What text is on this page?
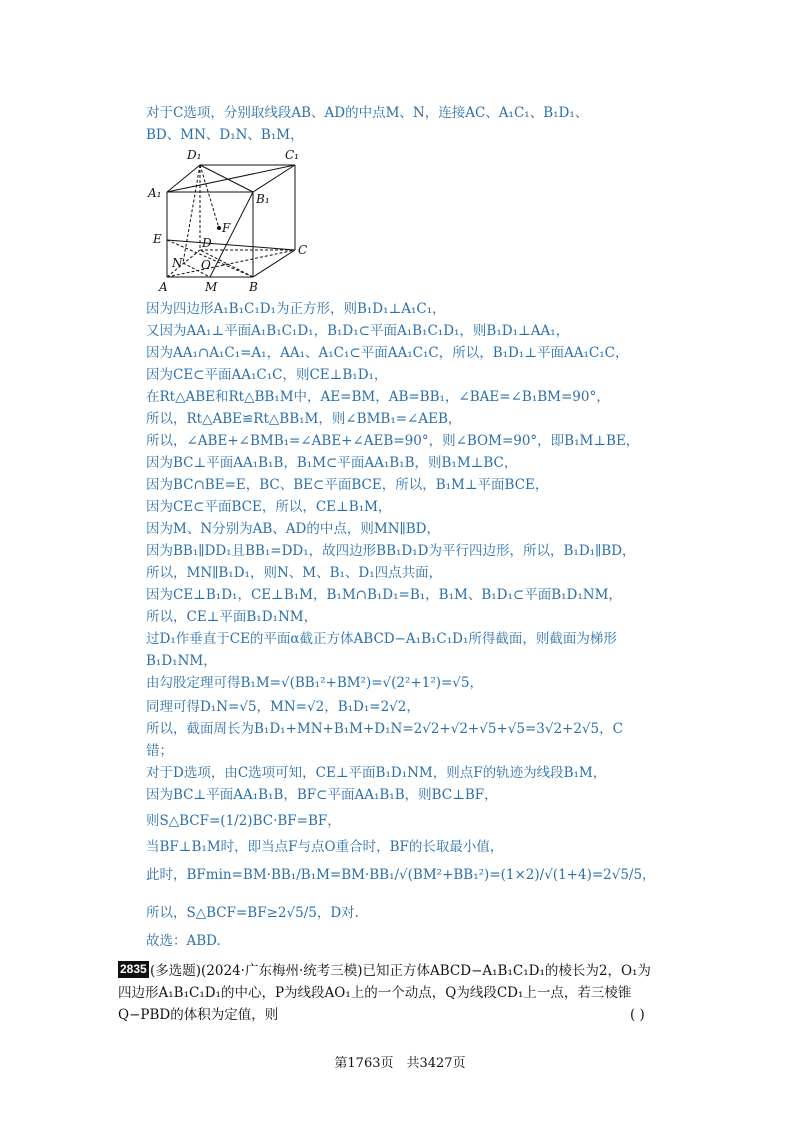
对于C选项，分别取线段AB、AD的中点M、N，连接AC、A₁C₁、B₁D₁、
BD、MN、D₁N、B₁M，
因为四边形A₁B₁C₁D₁为正方形，则B₁D₁⊥A₁C₁，
又因为AA₁⊥平面A₁B₁C₁D₁，B₁D₁⊂平面A₁B₁C₁D₁，则B₁D₁⊥AA₁，
因为AA₁∩A₁C₁=A₁，AA₁、A₁C₁⊂平面AA₁C₁C，所以，B₁D₁⊥平面AA₁C₁C，
因为CE⊂平面AA₁C₁C，则CE⊥B₁D₁，
在Rt△ABE和Rt△BB₁M中，AE=BM，AB=BB₁，∠BAE=∠B₁BM=90°，
所以，Rt△ABE≌Rt△BB₁M，则∠BMB₁=∠AEB，
所以，∠ABE+∠BMB₁=∠ABE+∠AEB=90°，则∠BOM=90°，即B₁M⊥BE，
因为BC⊥平面AA₁B₁B，B₁M⊂平面AA₁B₁B，则B₁M⊥BC，
因为BC∩BE=E，BC、BE⊂平面BCE，所以，B₁M⊥平面BCE，
因为CE⊂平面BCE，所以，CE⊥B₁M，
因为M、N分别为AB、AD的中点，则MN∥BD，
因为BB₁∥DD₁且BB₁=DD₁，故四边形BB₁D₁D为平行四边形，所以，B₁D₁∥BD，
所以，MN∥B₁D₁，则N、M、B₁、D₁四点共面，
因为CE⊥B₁D₁，CE⊥B₁M，B₁M∩B₁D₁=B₁，B₁M、B₁D₁⊂平面B₁D₁NM，
所以，CE⊥平面B₁D₁NM，
过D₁作垂直于CE的平面α截正方体ABCD−A₁B₁C₁D₁所得截面，则截面为梯形
B₁D₁NM，
由勾股定理可得B₁M=√(BB₁²+BM²)=√(2²+1²)=√5，
同理可得D₁N=√5，MN=√2，B₁D₁=2√2，
所以，截面周长为B₁D₁+MN+B₁M+D₁N=2√2+√2+√5+√5=3√2+2√5，C
错；
对于D选项，由C选项可知，CE⊥平面B₁D₁NM，则点F的轨迹为线段B₁M，
因为BC⊥平面AA₁B₁B，BF⊂平面AA₁B₁B，则BC⊥BF，
则S△BCF=(1/2)BC·BF=BF，
当BF⊥B₁M时，即当点F与点O重合时，BF的长取最小值，
此时，BFmin=BM·BB₁/B₁M=BM·BB₁/√(BM²+BB₁²)=(1×2)/√(1+4)=2√5/5，
所以，S△BCF=BF≥2√5/5，D对.
故选：ABD.
D₁	C₁
A₁	B₁
F
E	D	C
N O
A	M	B
2835 (多选题)(2024·广东梅州·统考三模)已知正方体ABCD−A₁B₁C₁D₁的棱长为2，O₁为
四边形A₁B₁C₁D₁的中心，P为线段AO₁上的一个动点，Q为线段CD₁上一点，若三棱锥
Q−PBD的体积为定值，则	( )
第1763页　共3427页
